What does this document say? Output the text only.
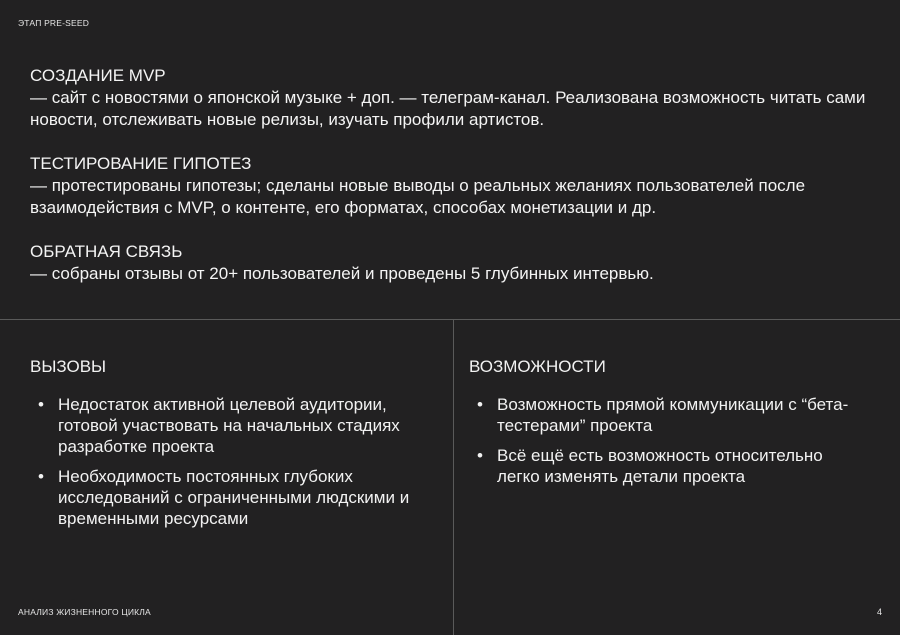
ЭТАП PRE-SEED
СОЗДАНИЕ MVP
— сайт с новостями о японской музыке + доп. — телеграм-канал. Реализована возможность читать сами новости, отслеживать новые релизы, изучать профили артистов.
ТЕСТИРОВАНИЕ ГИПОТЕЗ
— протестированы гипотезы; сделаны новые выводы о реальных желаниях пользователей после взаимодействия с MVP, о контенте, его форматах, способах монетизации и др.
ОБРАТНАЯ СВЯЗЬ
— собраны отзывы от 20+ пользователей и проведены 5 глубинных интервью.
ВЫЗОВЫ
• Недостаток активной целевой аудитории, готовой участвовать на начальных стадиях разработке проекта
• Необходимость постоянных глубоких исследований с ограниченными людскими и временными ресурсами
ВОЗМОЖНОСТИ
• Возможность прямой коммуникации с “бета-тестерами” проекта
• Всё ещё есть возможность относительно легко изменять детали проекта
АНАЛИЗ ЖИЗНЕННОГО ЦИКЛА	4
